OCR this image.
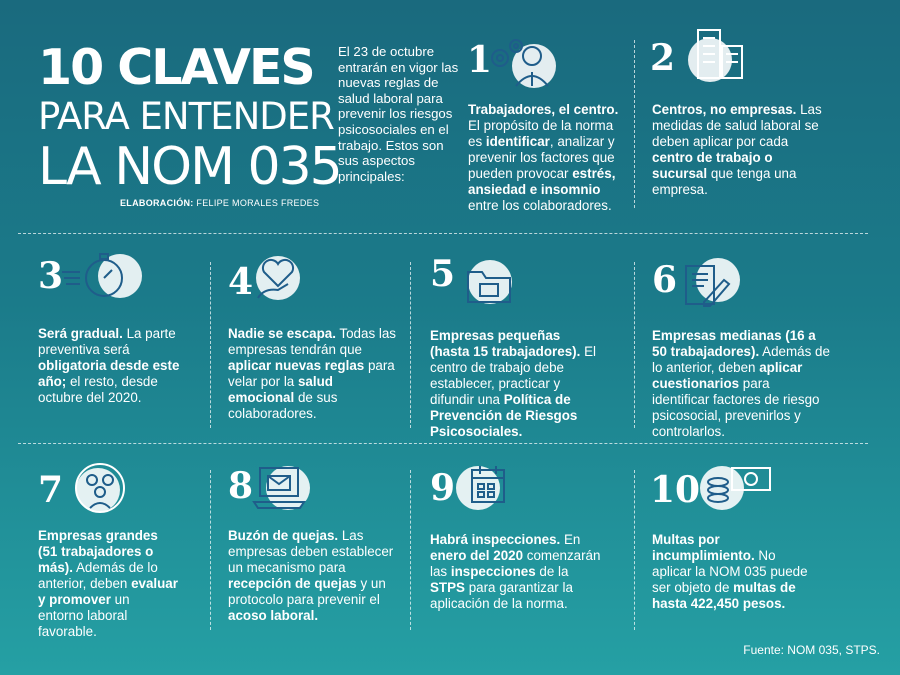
10 CLAVES
PARA ENTENDER
LA NOM 035
ELABORACIÓN: FELIPE MORALES FREDES
El 23 de octubre entrarán en vigor las nuevas reglas de salud laboral para prevenir los riesgos psicosociales en el trabajo. Estos son sus aspectos principales:
1
Trabajadores, el centro. El propósito de la norma es identificar, analizar y prevenir los factores que pueden provocar estrés, ansiedad e insomnio entre los colaboradores.
2
Centros, no empresas. Las medidas de salud laboral se deben aplicar por cada centro de trabajo o sucursal que tenga una empresa.
3
Será gradual. La parte preventiva será obligatoria desde este año; el resto, desde octubre del 2020.
4
Nadie se escapa. Todas las empresas tendrán que aplicar nuevas reglas para velar por la salud emocional de sus colaboradores.
5
Empresas pequeñas (hasta 15 trabajadores). El centro de trabajo debe establecer, practicar y difundir una Política de Prevención de Riesgos Psicosociales.
6
Empresas medianas (16 a 50 trabajadores). Además de lo anterior, deben aplicar cuestionarios para identificar factores de riesgo psicosocial, prevenirlos y controlarlos.
7
Empresas grandes (51 trabajadores o más). Además de lo anterior, deben evaluar y promover un entorno laboral favorable.
8
Buzón de quejas. Las empresas deben establecer un mecanismo para recepción de quejas y un protocolo para prevenir el acoso laboral.
9
Habrá inspecciones. En enero del 2020 comenzarán las inspecciones de la STPS para garantizar la aplicación de la norma.
10
Multas por incumplimiento. No aplicar la NOM 035 puede ser objeto de multas de hasta 422,450 pesos.
Fuente: NOM 035, STPS.
